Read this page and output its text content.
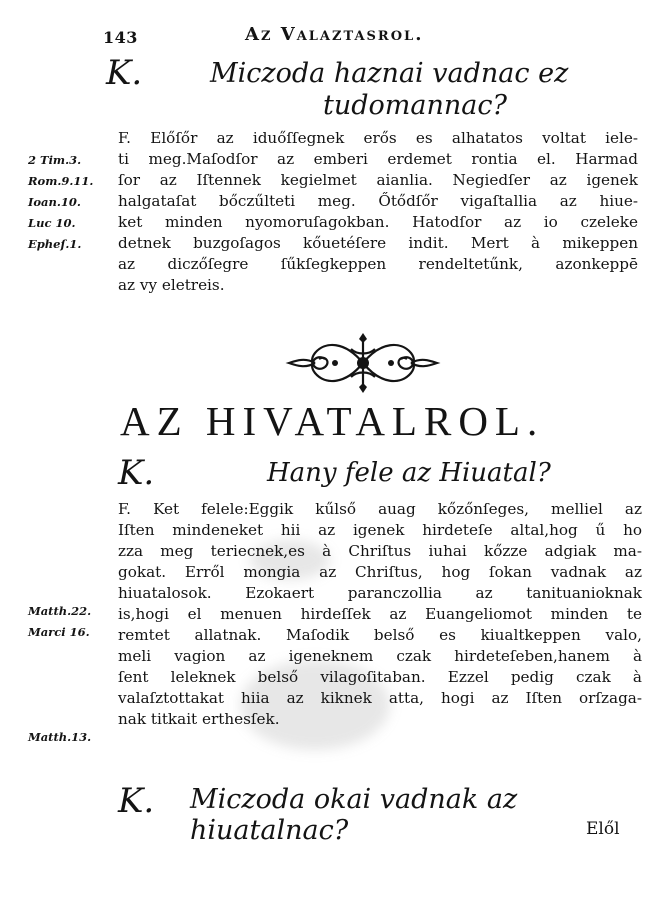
143	Az Valaztasrol.
K.	Miczoda haznai vadnac ez
tudomannac?
2 Tim.3.
Rom.9.11.
Ioan.10.
Luc 10.
Epheſ.1.
F. Előſőr az iduőſſegnek erős es alhatatos voltat iele-
ti meg.Maſodſor az emberi erdemet rontia el. Harmad
ſor az Iſtennek kegielmet aianlia. Negiedſer az igenek
halgataſat bőczűlteti meg. Őtődſőr vigaſtallia az hiue-
ket minden nyomoruſagokban. Hatodſor az io czeleke
detnek buzgoſagos kőuetéſere indit. Mert à mikeppen
az diczőſegre ſűkſegkeppen rendeltetűnk, azonkeppē
az vy eletreis.
AZ HIVATALROL.
K.	Hany fele az Hiuatal?
F. Ket felele:Eggik kűlső auag kőzőnſeges, melliel az
Iſten mindeneket hii az igenek hirdeteſe altal,hog ű ho
zza meg teriecnek,es à Chriſtus iuhai kőzze adgiak ma-
gokat. Erről mongia az Chriſtus, hog ſokan vadnak az
hiuatalosok. Ezokaert paranczollia az tanituanioknak
is,hogi el menuen hirdeſſek az Euangeliomot minden te
remtet allatnak. Maſodik belső es kiualtkeppen valo,
meli vagion az igeneknem czak hirdeteſeben,hanem à
ſent leleknek belső vilagoſitaban. Ezzel pedig czak à
valaſztottakat hiia az kiknek atta, hogi az Iſten orſzaga-
nak titkait erthesſek.
Matth.22.
Marci 16.
Matth.13.
K. Miczoda okai vadnak az hiuatalnac?	Elől
